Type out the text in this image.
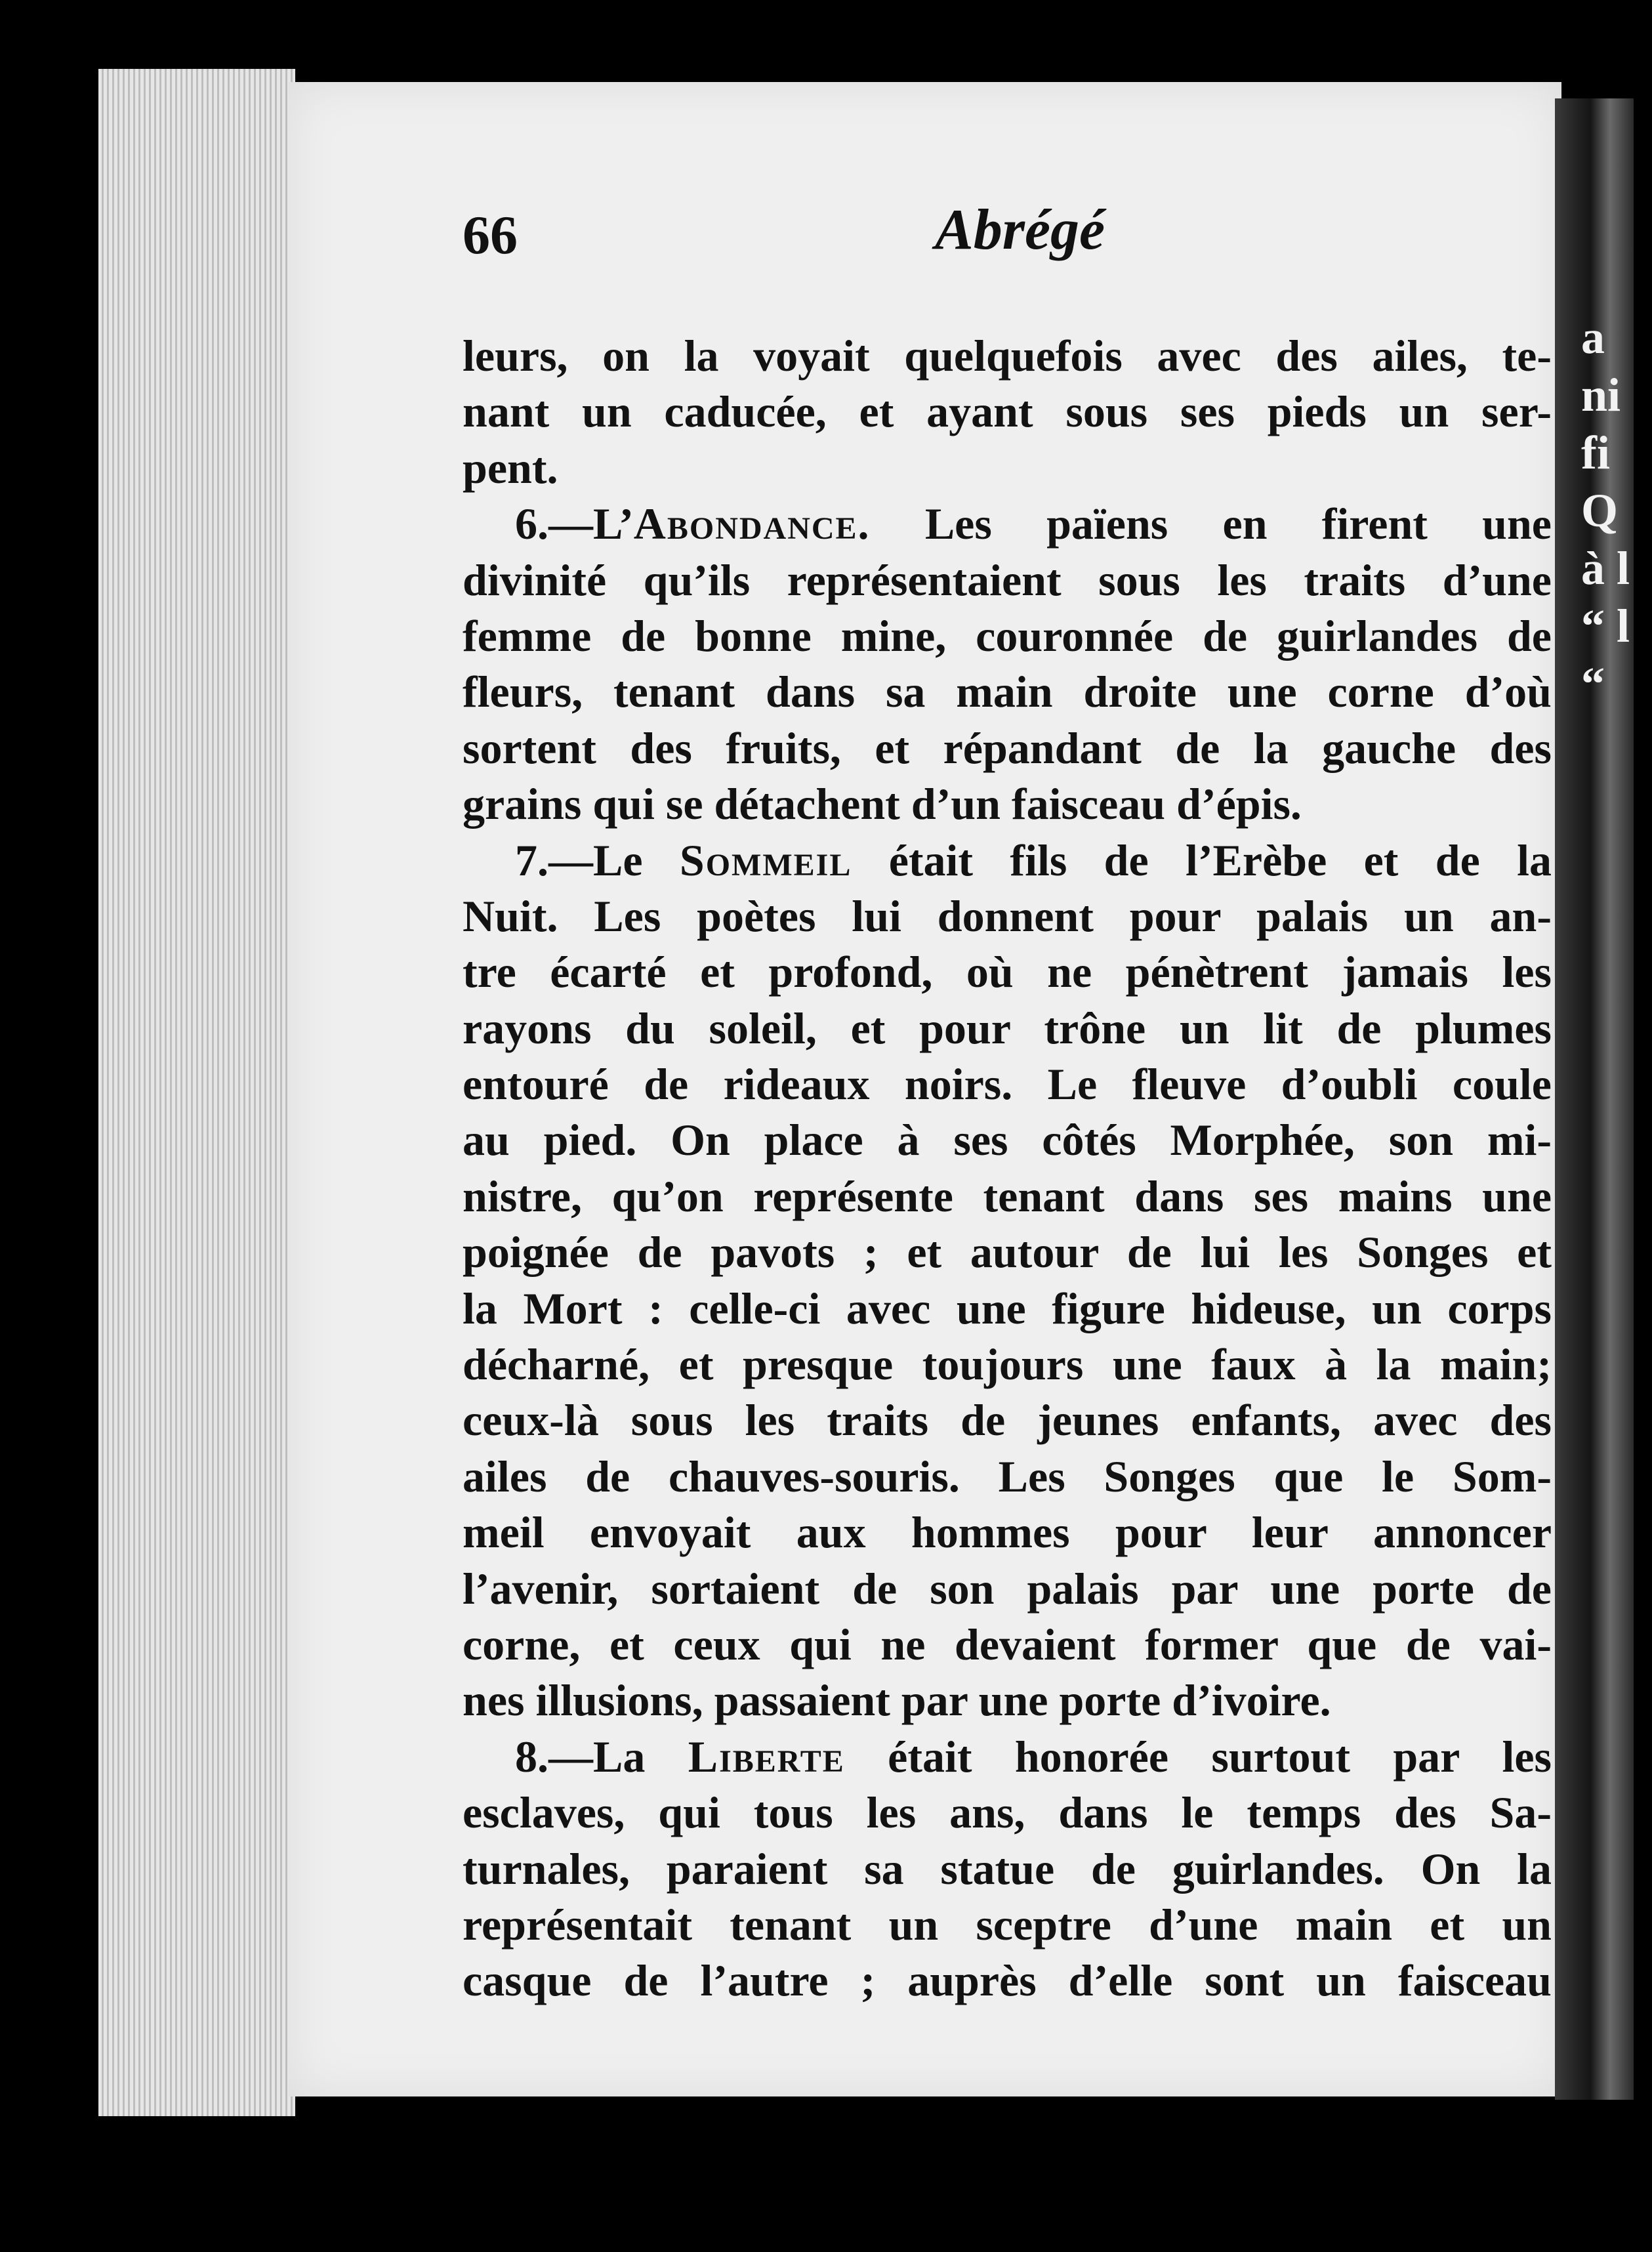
a
ni
fi
Q
à l
“ l
“
66	Abrégé
leurs, on la voyait quelquefois avec des ailes, te-
nant un caducée, et ayant sous ses pieds un ser-
pent.
6.—L’Abondance. Les païens en firent une
divinité qu’ils représentaient sous les traits d’une
femme de bonne mine, couronnée de guirlandes de
fleurs, tenant dans sa main droite une corne d’où
sortent des fruits, et répandant de la gauche des
grains qui se détachent d’un faisceau d’épis.
7.—Le Sommeil était fils de l’Erèbe et de la
Nuit. Les poètes lui donnent pour palais un an-
tre écarté et profond, où ne pénètrent jamais les
rayons du soleil, et pour trône un lit de plumes
entouré de rideaux noirs. Le fleuve d’oubli coule
au pied. On place à ses côtés Morphée, son mi-
nistre, qu’on représente tenant dans ses mains une
poignée de pavots ; et autour de lui les Songes et
la Mort : celle-ci avec une figure hideuse, un corps
décharné, et presque toujours une faux à la main;
ceux-là sous les traits de jeunes enfants, avec des
ailes de chauves-souris. Les Songes que le Som-
meil envoyait aux hommes pour leur annoncer
l’avenir, sortaient de son palais par une porte de
corne, et ceux qui ne devaient former que de vai-
nes illusions, passaient par une porte d’ivoire.
8.—La Liberte était honorée surtout par les
esclaves, qui tous les ans, dans le temps des Sa-
turnales, paraient sa statue de guirlandes. On la
représentait tenant un sceptre d’une main et un
casque de l’autre ; auprès d’elle sont un faisceau
